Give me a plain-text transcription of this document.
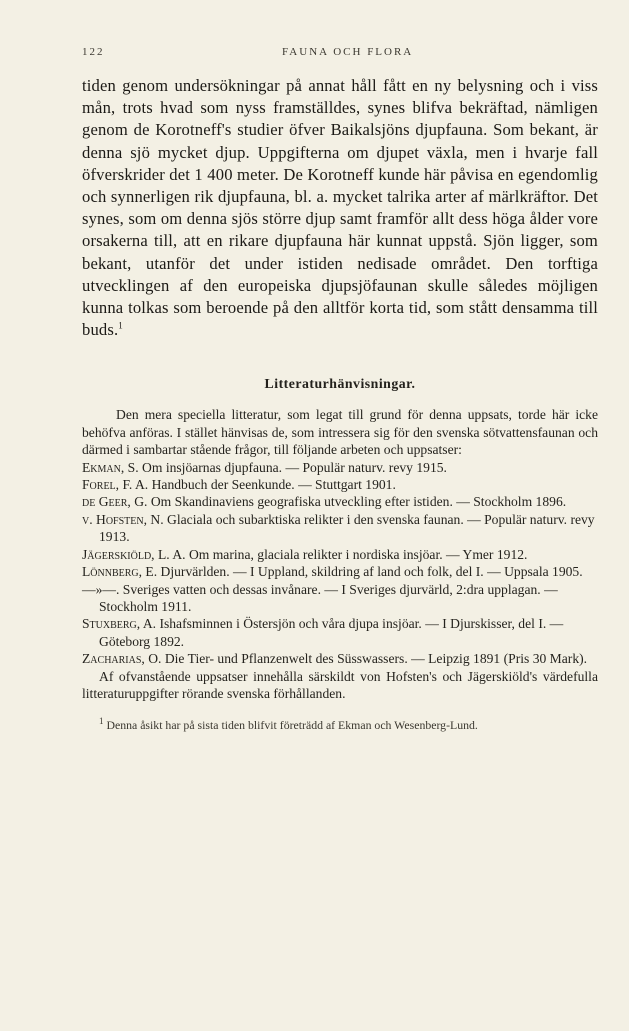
122	FAUNA OCH FLORA

tiden genom undersökningar på annat håll fått en ny belysning och i viss mån, trots hvad som nyss framställdes, synes blifva bekräftad, nämligen genom de Korotneff's studier öfver Baikalsjöns djupfauna. Som bekant, är denna sjö mycket djup. Uppgifterna om djupet växla, men i hvarje fall öfverskrider det 1 400 meter. De Korotneff kunde här påvisa en egendomlig och synnerligen rik djupfauna, bl. a. mycket talrika arter af märlkräftor. Det synes, som om denna sjös större djup samt framför allt dess höga ålder vore orsakerna till, att en rikare djupfauna här kunnat uppstå. Sjön ligger, som bekant, utanför det under istiden nedisade området. Den torftiga utvecklingen af den europeiska djupsjöfaunan skulle således möjligen kunna tolkas som beroende på den alltför korta tid, som stått densamma till buds.$^1$

Litteraturhänvisningar.

Den mera speciella litteratur, som legat till grund för denna uppsats, torde här icke behöfva anföras. I stället hänvisas de, som intressera sig för den svenska sötvattensfaunan och därmed i sambartar stående frågor, till följande arbeten och uppsatser:

Ekman, S. Om insjöarnas djupfauna. — Populär naturv. revy 1915.

Forel, F. A. Handbuch der Seenkunde. — Stuttgart 1901.

de Geer, G. Om Skandinaviens geografiska utveckling efter istiden. — Stockholm 1896.

v. Hofsten, N. Glaciala och subarktiska relikter i den svenska faunan. — Populär naturv. revy 1913.

Jägerskiöld, L. A. Om marina, glaciala relikter i nordiska insjöar. — Ymer 1912.

Lönnberg, E. Djurvärlden. — I Uppland, skildring af land och folk, del I. — Uppsala 1905.

—»—. Sveriges vatten och dessas invånare. — I Sveriges djurvärld, 2:dra upplagan. — Stockholm 1911.

Stuxberg, A. Ishafsminnen i Östersjön och våra djupa insjöar. — I Djurskisser, del I. — Göteborg 1892.

Zacharias, O. Die Tier- und Pflanzenwelt des Süsswassers. — Leipzig 1891 (Pris 30 Mark).

Af ofvanstående uppsatser innehålla särskildt von Hofsten's och Jägerskiöld's värdefulla litteraturuppgifter rörande svenska förhållanden.

$^1$ Denna åsikt har på sista tiden blifvit företrädd af Ekman och Wesenberg-Lund.
